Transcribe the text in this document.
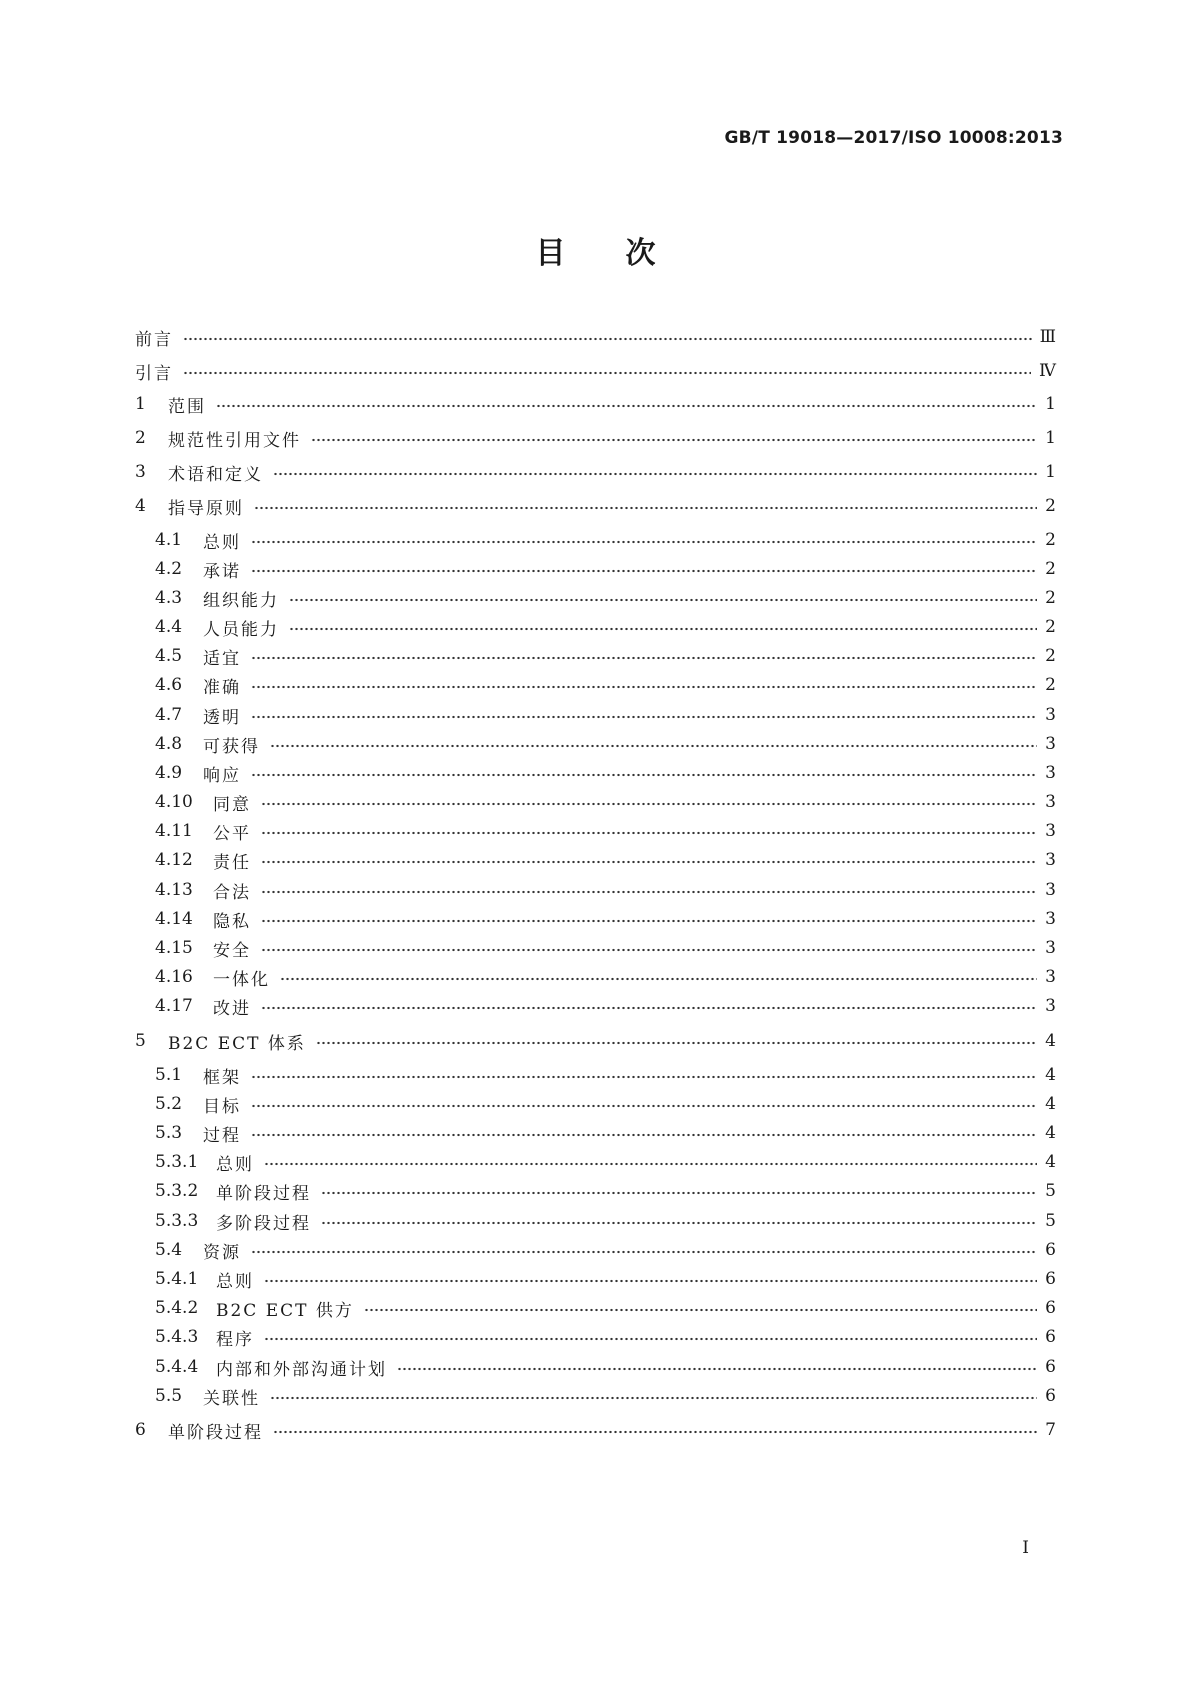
GB/T 19018—2017/ISO 10008:2013
目次
前言	Ⅲ
引言	Ⅳ
1	范围	1
2	规范性引用文件	1
3	术语和定义	1
4	指导原则	2
4.1	总则	2
4.2	承诺	2
4.3	组织能力	2
4.4	人员能力	2
4.5	适宜	2
4.6	准确	2
4.7	透明	3
4.8	可获得	3
4.9	响应	3
4.10	同意	3
4.11	公平	3
4.12	责任	3
4.13	合法	3
4.14	隐私	3
4.15	安全	3
4.16	一体化	3
4.17	改进	3
5	B2C ECT 体系	4
5.1	框架	4
5.2	目标	4
5.3	过程	4
5.3.1	总则	4
5.3.2	单阶段过程	5
5.3.3	多阶段过程	5
5.4	资源	6
5.4.1	总则	6
5.4.2	B2C ECT 供方	6
5.4.3	程序	6
5.4.4	内部和外部沟通计划	6
5.5	关联性	6
6	单阶段过程	7
I
